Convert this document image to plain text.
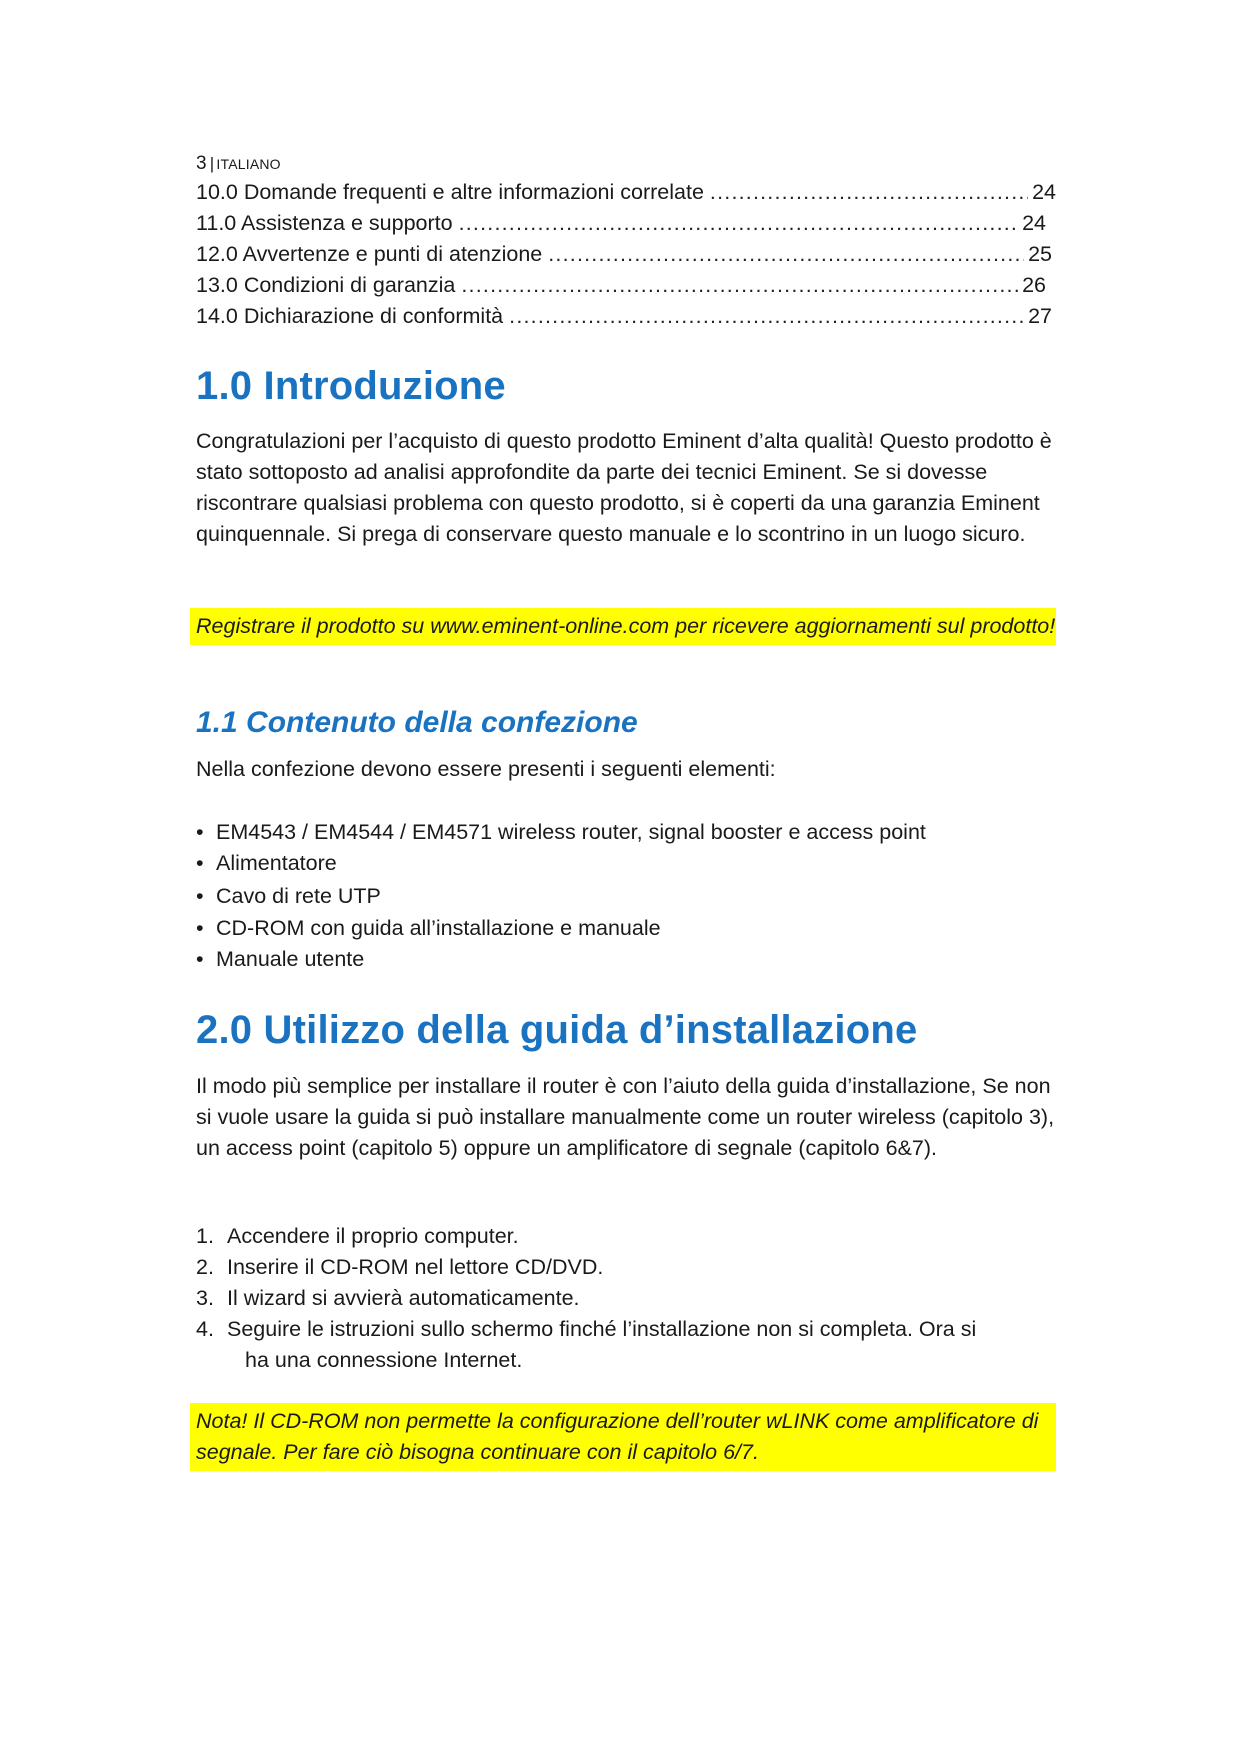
3 | ITALIANO
10.0 Domande frequenti e altre informazioni correlate .....	24
11.0 Assistenza e supporto .....	24
12.0 Avvertenze e punti di atenzione .....	25
13.0 Condizioni di garanzia .....	26
14.0 Dichiarazione di conformità .....	27
1.0 Introduzione

Congratulazioni per l’acquisto di questo prodotto Eminent d’alta qualità! Questo prodotto è stato sottoposto ad analisi approfondite da parte dei tecnici Eminent. Se si dovesse riscontrare qualsiasi problema con questo prodotto, si è coperti da una garanzia Eminent quinquennale. Si prega di conservare questo manuale e lo scontrino in un luogo sicuro.

Registrare il prodotto su www.eminent-online.com per ricevere aggiornamenti sul prodotto!
1.1 Contenuto della confezione

Nella confezione devono essere presenti i seguenti elementi:

• EM4543 / EM4544 / EM4571 wireless router, signal booster e access point
• Alimentatore
• Cavo di rete UTP
• CD-ROM con guida all’installazione e manuale
• Manuale utente
2.0 Utilizzo della guida d’installazione

Il modo più semplice per installare il router è con l’aiuto della guida d’installazione, Se non si vuole usare la guida si può installare manualmente come un router wireless (capitolo 3), un access point (capitolo 5) oppure un amplificatore di segnale (capitolo 6&7).

1. Accendere il proprio computer.
2. Inserire il CD-ROM nel lettore CD/DVD.
3. Il wizard si avvierà automaticamente.
4. Seguire le istruzioni sullo schermo finché l’installazione non si completa. Ora si
ha una connessione Internet.
Nota! Il CD-ROM non permette la configurazione dell’router wLINK come amplificatore di segnale. Per fare ciò bisogna continuare con il capitolo 6/7.
